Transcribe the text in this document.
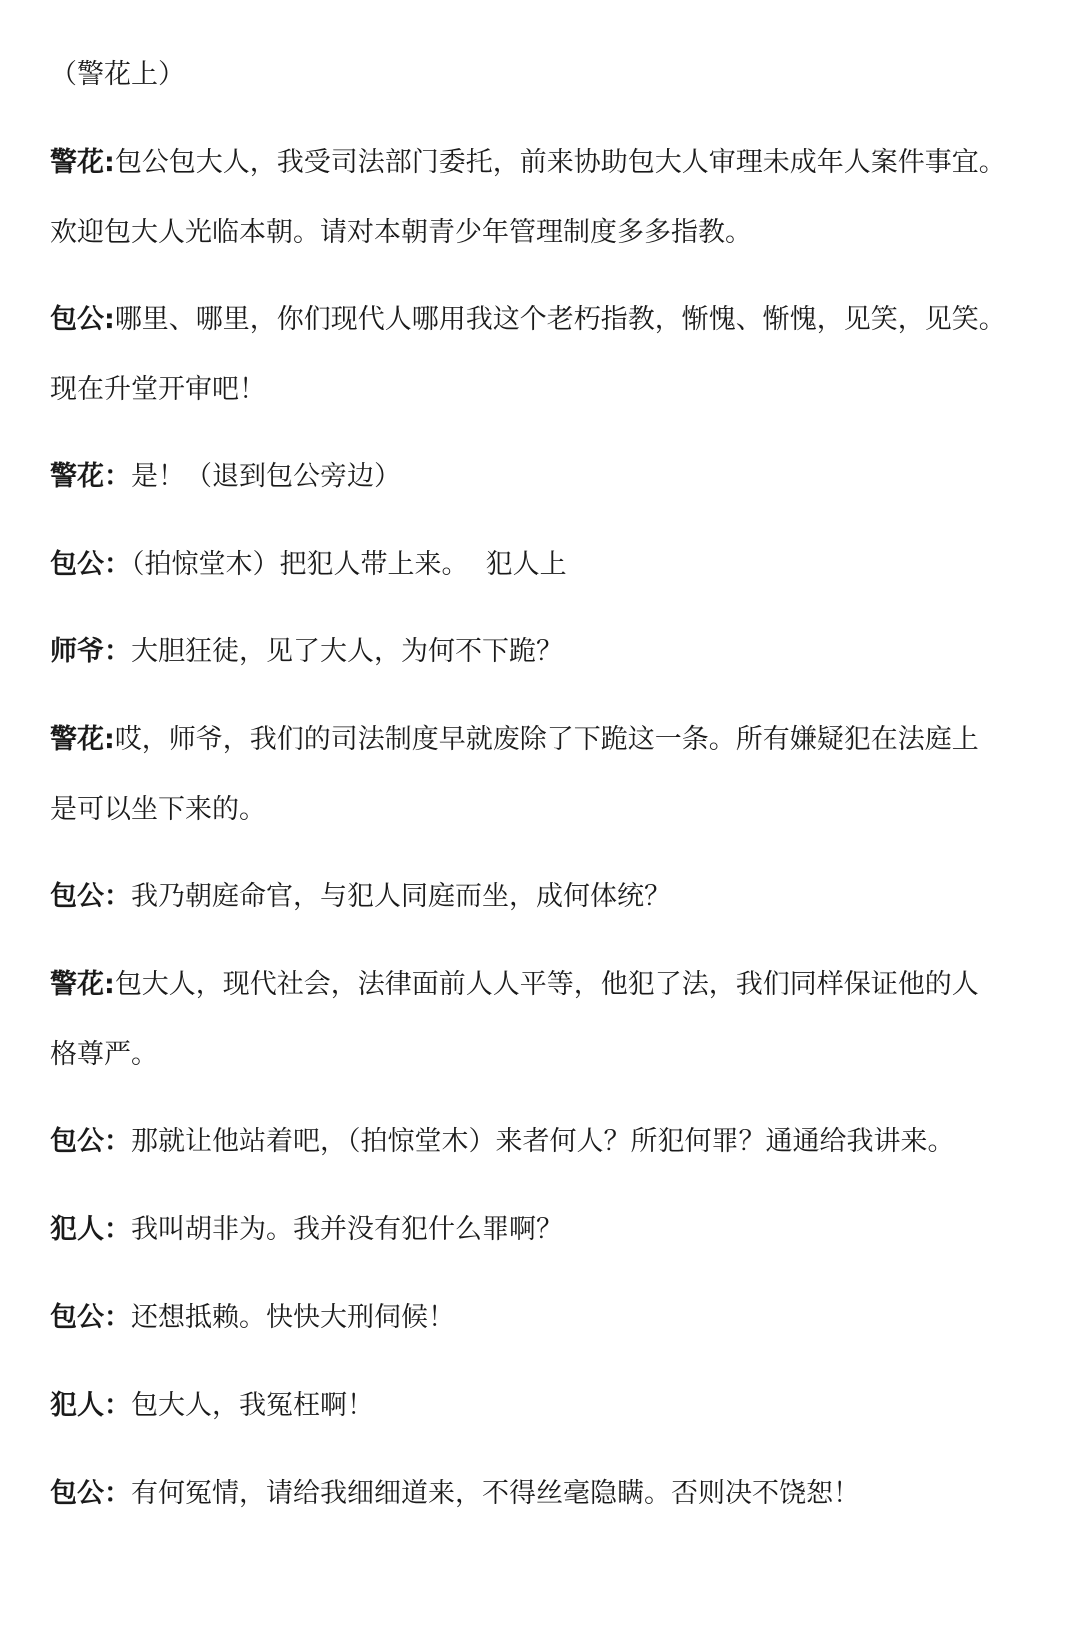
（警花上）
警花:包公包大人，我受司法部门委托，前来协助包大人审理未成年人案件事宜。
欢迎包大人光临本朝。请对本朝青少年管理制度多多指教。
包公:哪里、哪里，你们现代人哪用我这个老朽指教，惭愧、惭愧，见笑，见笑。
现在升堂开审吧！
警花：是！（退到包公旁边）
包公：（拍惊堂木）把犯人带上来。  犯人上
师爷：大胆狂徒，见了大人，为何不下跪？
警花:哎，师爷，我们的司法制度早就废除了下跪这一条。所有嫌疑犯在法庭上
是可以坐下来的。
包公：我乃朝庭命官，与犯人同庭而坐，成何体统？
警花:包大人，现代社会，法律面前人人平等，他犯了法，我们同样保证他的人
格尊严。
包公：那就让他站着吧，（拍惊堂木）来者何人？所犯何罪？通通给我讲来。
犯人：我叫胡非为。我并没有犯什么罪啊？
包公：还想抵赖。快快大刑伺候！
犯人：包大人，我冤枉啊！
包公：有何冤情，请给我细细道来，不得丝毫隐瞒。否则决不饶恕！
